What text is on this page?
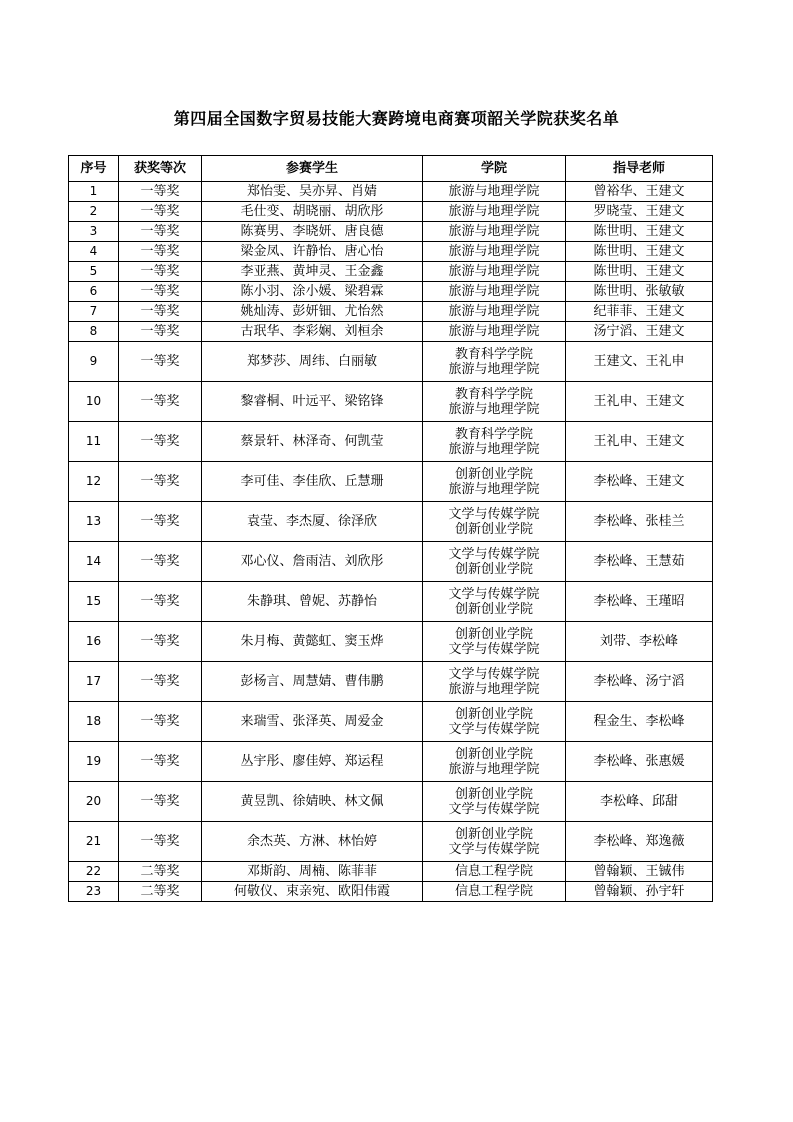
第四届全国数字贸易技能大赛跨境电商赛项韶关学院获奖名单
序号	获奖等次	参赛学生	学院	指导老师
1	一等奖	郑怡雯、吴亦昇、肖婧	旅游与地理学院	曾裕华、王建文
2	一等奖	毛仕变、胡晓丽、胡欣彤	旅游与地理学院	罗晓莹、王建文
3	一等奖	陈赛男、李晓妍、唐良德	旅游与地理学院	陈世明、王建文
4	一等奖	梁金凤、许静怡、唐心怡	旅游与地理学院	陈世明、王建文
5	一等奖	李亚燕、黄坤灵、王金鑫	旅游与地理学院	陈世明、王建文
6	一等奖	陈小羽、涂小媛、梁碧霖	旅游与地理学院	陈世明、张敏敏
7	一等奖	姚灿涛、彭妍钿、尤怡然	旅游与地理学院	纪菲菲、王建文
8	一等奖	古珉华、李彩娴、刘桓余	旅游与地理学院	汤宁滔、王建文
9	一等奖	郑梦莎、周纬、白丽敏	教育科学学院
旅游与地理学院	王建文、王礼申
10	一等奖	黎睿桐、叶远平、梁铭锋	教育科学学院
旅游与地理学院	王礼申、王建文
11	一等奖	蔡景轩、林泽奇、何凯莹	教育科学学院
旅游与地理学院	王礼申、王建文
12	一等奖	李可佳、李佳欣、丘慧珊	创新创业学院
旅游与地理学院	李松峰、王建文
13	一等奖	袁莹、李杰厦、徐泽欣	文学与传媒学院
创新创业学院	李松峰、张桂兰
14	一等奖	邓心仪、詹雨洁、刘欣彤	文学与传媒学院
创新创业学院	李松峰、王慧茹
15	一等奖	朱静琪、曾妮、苏静怡	文学与传媒学院
创新创业学院	李松峰、王瑾昭
16	一等奖	朱月梅、黄懿虹、窦玉烨	创新创业学院
文学与传媒学院	刘带、李松峰
17	一等奖	彭杨言、周慧婧、曹伟鹏	文学与传媒学院
旅游与地理学院	李松峰、汤宁滔
18	一等奖	来瑞雪、张泽英、周爱金	创新创业学院
文学与传媒学院	程金生、李松峰
19	一等奖	丛宇彤、廖佳婷、郑运程	创新创业学院
旅游与地理学院	李松峰、张惠媛
20	一等奖	黄昱凯、徐婧映、林文佩	创新创业学院
文学与传媒学院	李松峰、邱甜
21	一等奖	余杰英、方淋、林怡婷	创新创业学院
文学与传媒学院	李松峰、郑逸薇
22	二等奖	邓斯韵、周楠、陈菲菲	信息工程学院	曾翰颖、王铖伟
23	二等奖	何敬仪、束亲宛、欧阳伟霞	信息工程学院	曾翰颖、孙宇轩
